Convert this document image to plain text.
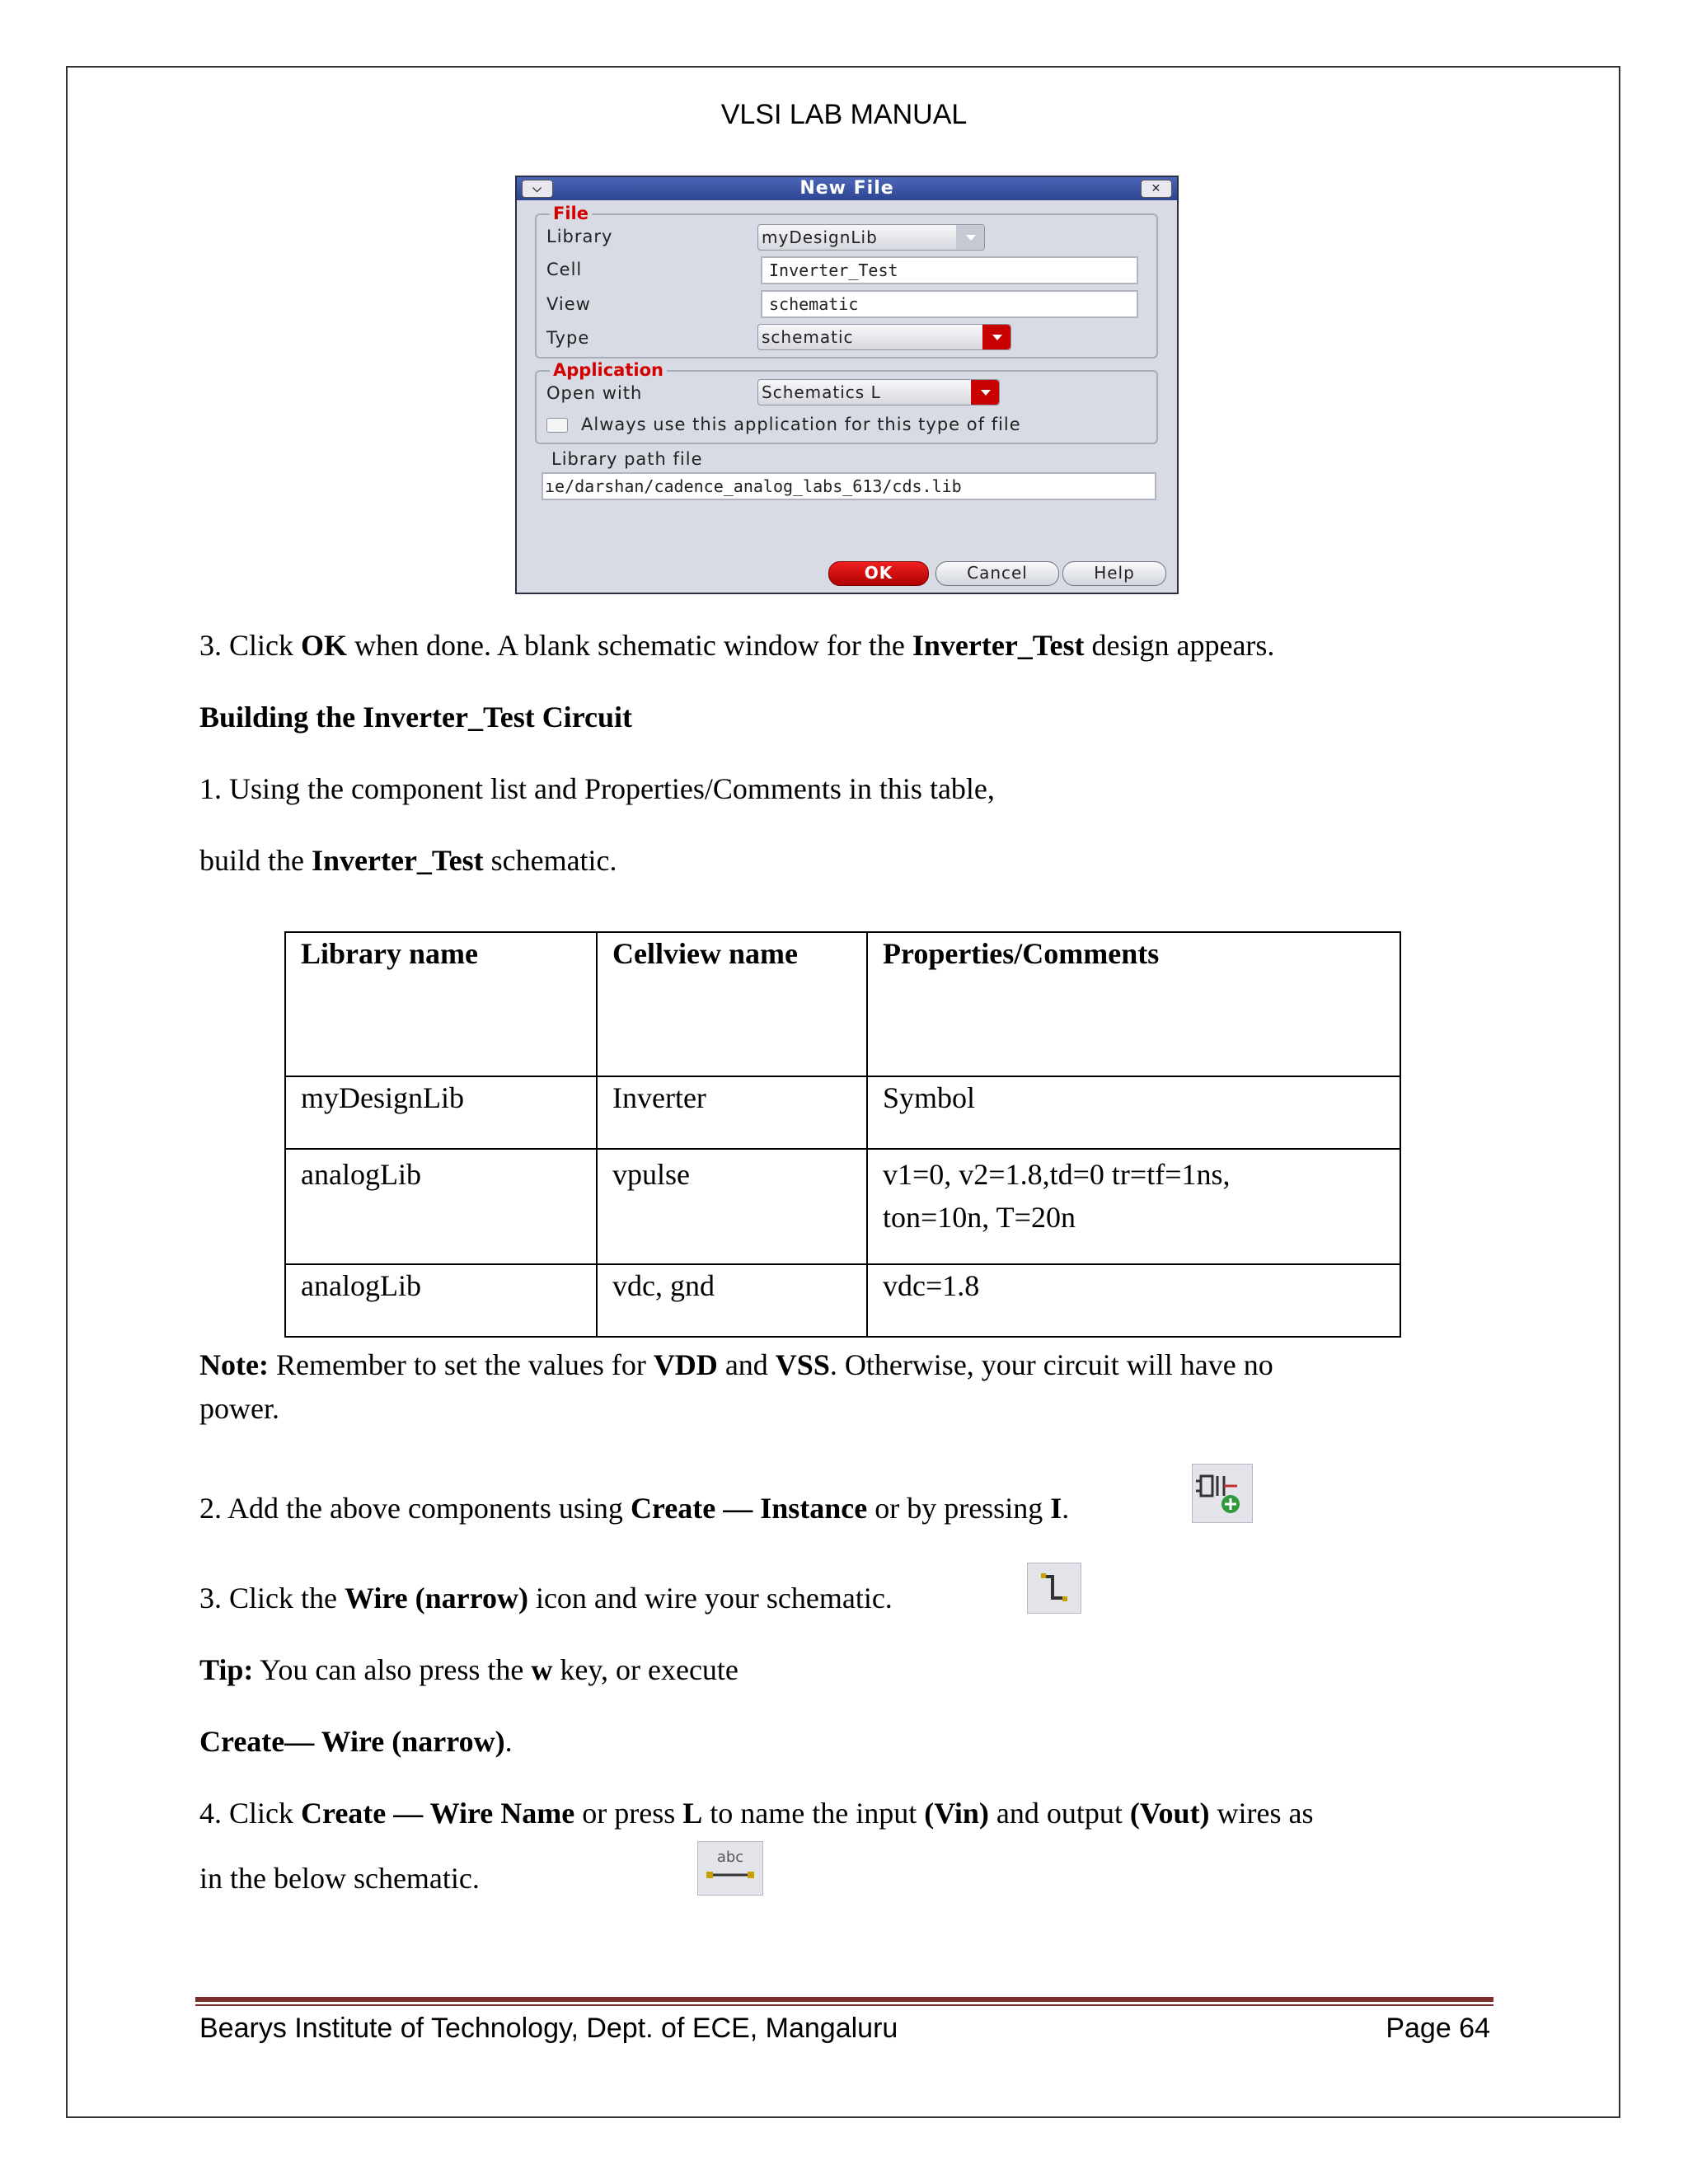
VLSI LAB MANUAL
⌵	New File	✕
File
Library	myDesignLib
Cell	Inverter_Test
View	schematic
Type	schematic
Application
Open with	Schematics L
Always use this application for this type of file
Library path file
ıe/darshan/cadence_analog_labs_613/cds.lib
OK	Cancel	Help
3. Click OK when done. A blank schematic window for the Inverter_Test design appears.
Building the Inverter_Test Circuit
1. Using the component list and Properties/Comments in this table,
build the Inverter_Test schematic.
Library name	Cellview name	Properties/Comments
myDesignLib	Inverter	Symbol
analogLib	vpulse	v1=0, v2=1.8,td=0 tr=tf=1ns,
ton=10n, T=20n
analogLib	vdc, gnd	vdc=1.8
Note: Remember to set the values for VDD and VSS. Otherwise, your circuit will have no
power.
2. Add the above components using Create — Instance or by pressing I.
3. Click the Wire (narrow) icon and wire your schematic.
Tip: You can also press the w key, or execute
Create— Wire (narrow).
4. Click Create — Wire Name or press L to name the input (Vin) and output (Vout) wires as
in the below schematic.
abc
Bearys Institute of Technology, Dept. of ECE, Mangaluru	Page 64
